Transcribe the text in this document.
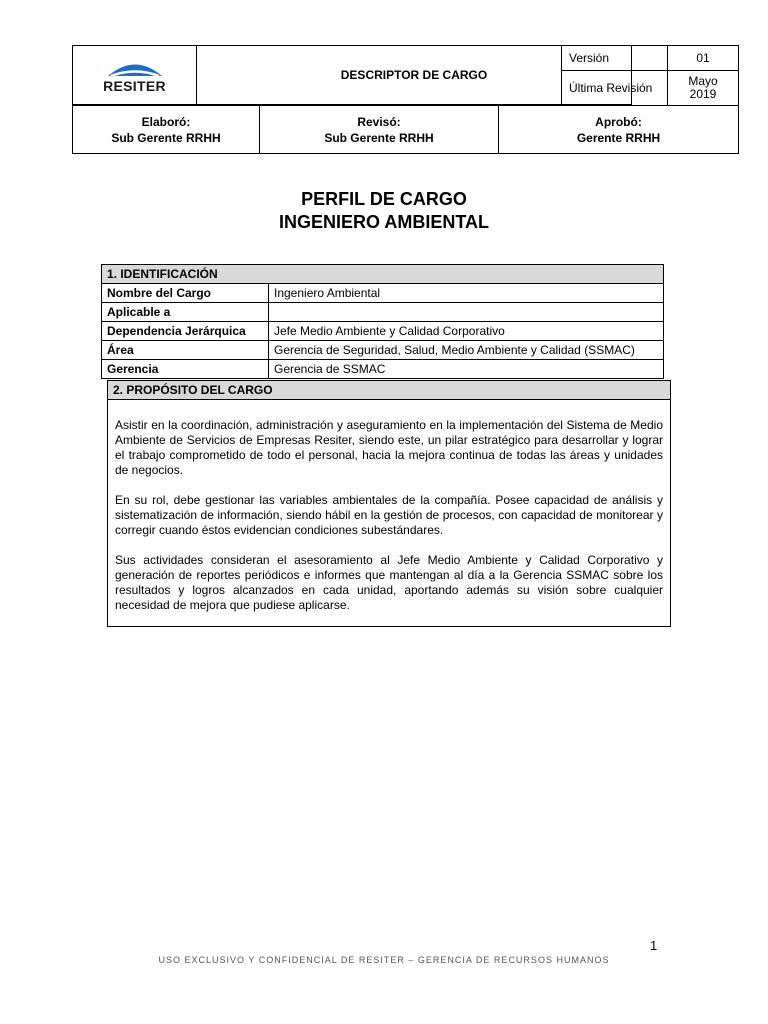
RESITER
DESCRIPTOR DE CARGO
Versión	01
Última Revisión	Mayo
2019
Elaboró:
Sub Gerente RRHH
Revisó:
Sub Gerente RRHH
Aprobó:
Gerente RRHH
PERFIL DE CARGO
INGENIERO AMBIENTAL
1. IDENTIFICACIÓN
Nombre del Cargo	Ingeniero Ambiental
Aplicable a
Dependencia Jerárquica	Jefe Medio Ambiente y Calidad Corporativo
Área	Gerencia de Seguridad, Salud, Medio Ambiente y Calidad (SSMAC)
Gerencia	Gerencia de SSMAC
2. PROPÓSITO DEL CARGO
Asistir en la coordinación, administración y aseguramiento en la implementación del Sistema de Medio Ambiente de Servicios de Empresas Resiter, siendo este, un pilar estratégico para desarrollar y lograr el trabajo comprometido de todo el personal, hacia la mejora continua de todas las áreas y unidades de negocios.
En su rol, debe gestionar las variables ambientales de la compañía. Posee capacidad de análisis y sistematización de información, siendo hábil en la gestión de procesos, con capacidad de monitorear y corregir cuando éstos evidencian condiciones subestándares.
Sus actividades consideran el asesoramiento al Jefe Medio Ambiente y Calidad Corporativo y generación de reportes periódicos e informes que mantengan al día a la Gerencia SSMAC sobre los resultados y logros alcanzados en cada unidad, aportando además su visión sobre cualquier necesidad de mejora que pudiese aplicarse.
1
USO EXCLUSIVO Y CONFIDENCIAL DE RESITER – GERENCIA DE RECURSOS HUMANOS
